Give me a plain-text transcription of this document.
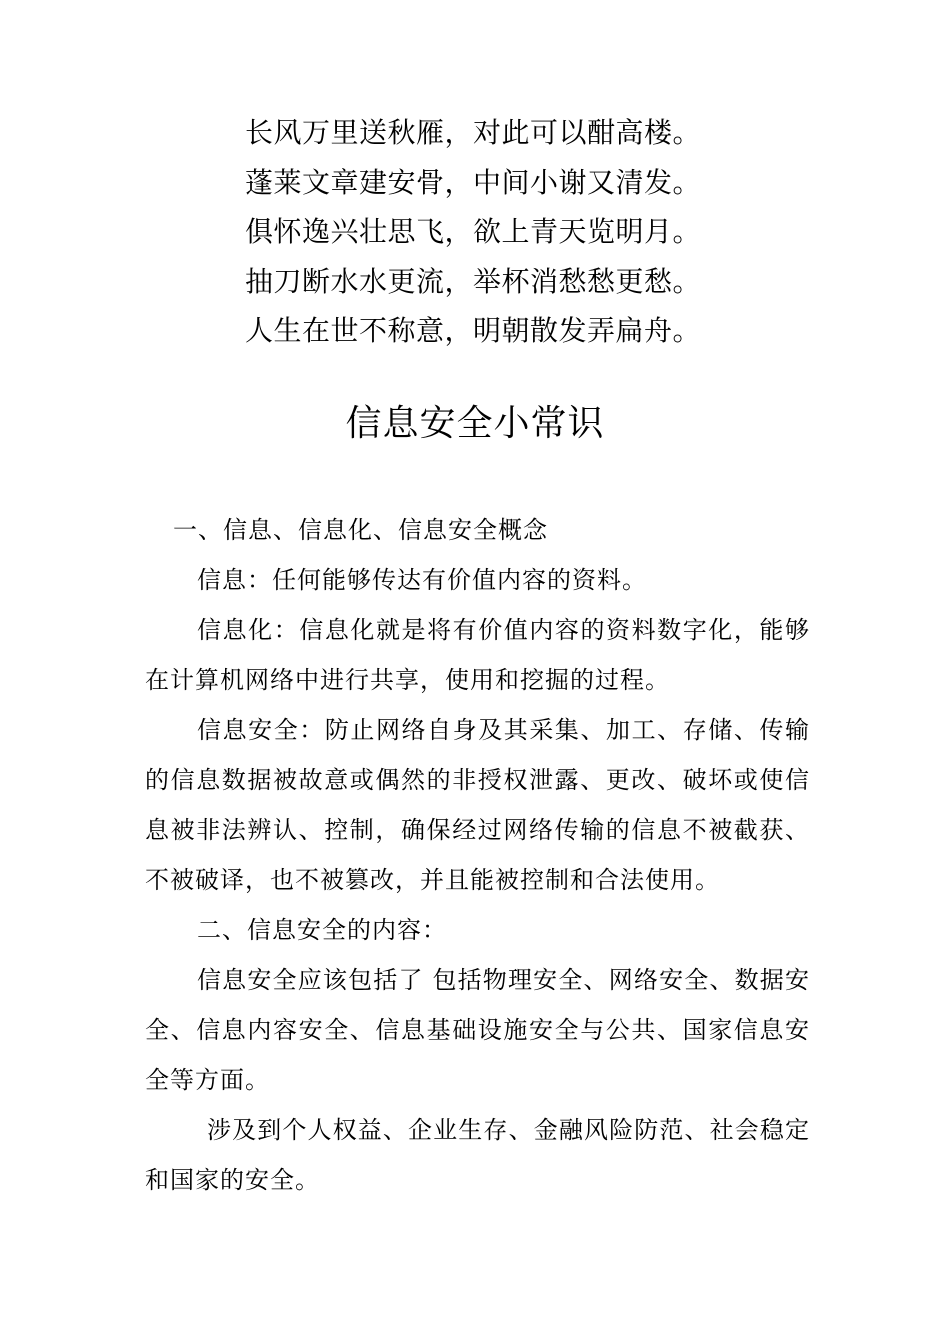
长风万里送秋雁，对此可以酣高楼。
蓬莱文章建安骨，中间小谢又清发。
俱怀逸兴壮思飞，欲上青天览明月。
抽刀断水水更流，举杯消愁愁更愁。
人生在世不称意，明朝散发弄扁舟。
信息安全小常识

一、信息、信息化、信息安全概念

信息：任何能够传达有价值内容的资料。

信息化：信息化就是将有价值内容的资料数字化，能够在计算机网络中进行共享，使用和挖掘的过程。

信息安全：防止网络自身及其采集、加工、存储、传输的信息数据被故意或偶然的非授权泄露、更改、破坏或使信息被非法辨认、控制，确保经过网络传输的信息不被截获、不被破译，也不被篡改，并且能被控制和合法使用。

二、信息安全的内容：

信息安全应该包括了 包括物理安全、网络安全、数据安全、信息内容安全、信息基础设施安全与公共、国家信息安全等方面。

涉及到个人权益、企业生存、金融风险防范、社会稳定和国家的安全。
